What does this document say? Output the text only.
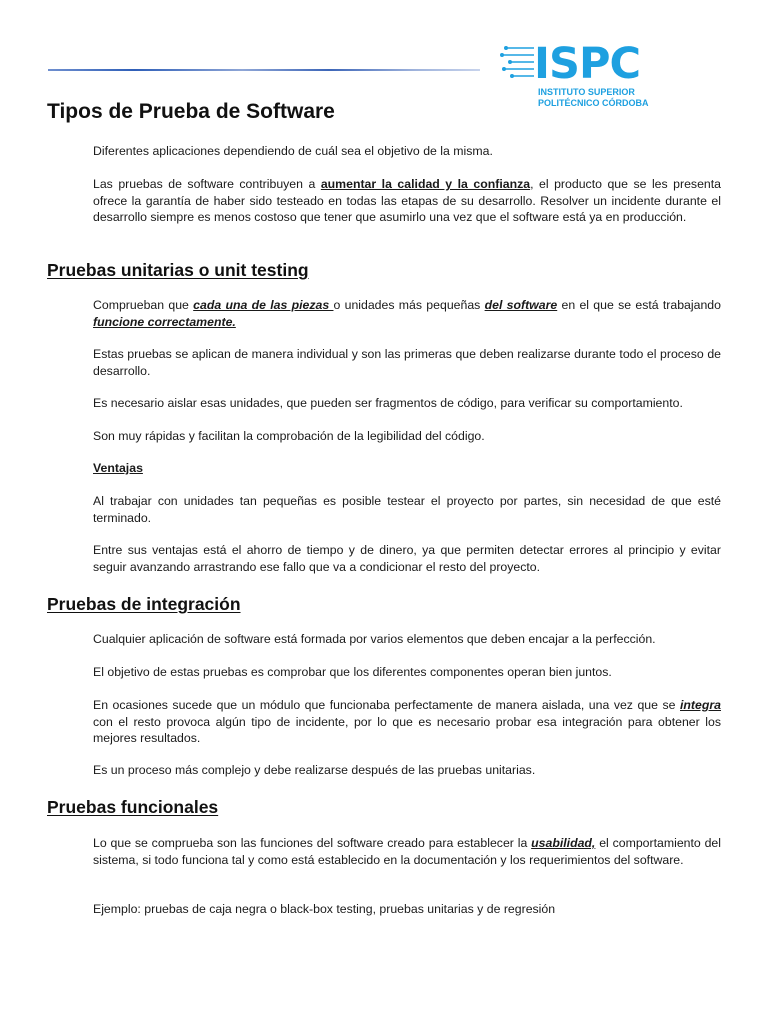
ISPC
INSTITUTO SUPERIOR
POLITÉCNICO CÓRDOBA
Tipos de Prueba de Software

Diferentes aplicaciones dependiendo de cuál sea el objetivo de la misma.

Las pruebas de software contribuyen a aumentar la calidad y la confianza, el producto que se les presenta ofrece la garantía de haber sido testeado en todas las etapas de su desarrollo. Resolver un incidente durante el desarrollo siempre es menos costoso que tener que asumirlo una vez que el software está ya en producción.

Pruebas unitarias o unit testing

Comprueban que cada una de las piezas o unidades más pequeñas del software en el que se está trabajando funcione correctamente.

Estas pruebas se aplican de manera individual y son las primeras que deben realizarse durante todo el proceso de desarrollo.

Es necesario aislar esas unidades, que pueden ser fragmentos de código, para verificar su comportamiento.

Son muy rápidas y facilitan la comprobación de la legibilidad del código.

Ventajas

Al trabajar con unidades tan pequeñas es posible testear el proyecto por partes, sin necesidad de que esté terminado.

Entre sus ventajas está el ahorro de tiempo y de dinero, ya que permiten detectar errores al principio y evitar seguir avanzando arrastrando ese fallo que va a condicionar el resto del proyecto.

Pruebas de integración

Cualquier aplicación de software está formada por varios elementos que deben encajar a la perfección.

El objetivo de estas pruebas es comprobar que los diferentes componentes operan bien juntos.

En ocasiones sucede que un módulo que funcionaba perfectamente de manera aislada, una vez que se integra con el resto provoca algún tipo de incidente, por lo que es necesario probar esa integración para obtener los mejores resultados.

Es un proceso más complejo y debe realizarse después de las pruebas unitarias.

Pruebas funcionales

Lo que se comprueba son las funciones del software creado para establecer la usabilidad, el comportamiento del sistema, si todo funciona tal y como está establecido en la documentación y los requerimientos del software.

Ejemplo: pruebas de caja negra o black-box testing, pruebas unitarias y de regresión
